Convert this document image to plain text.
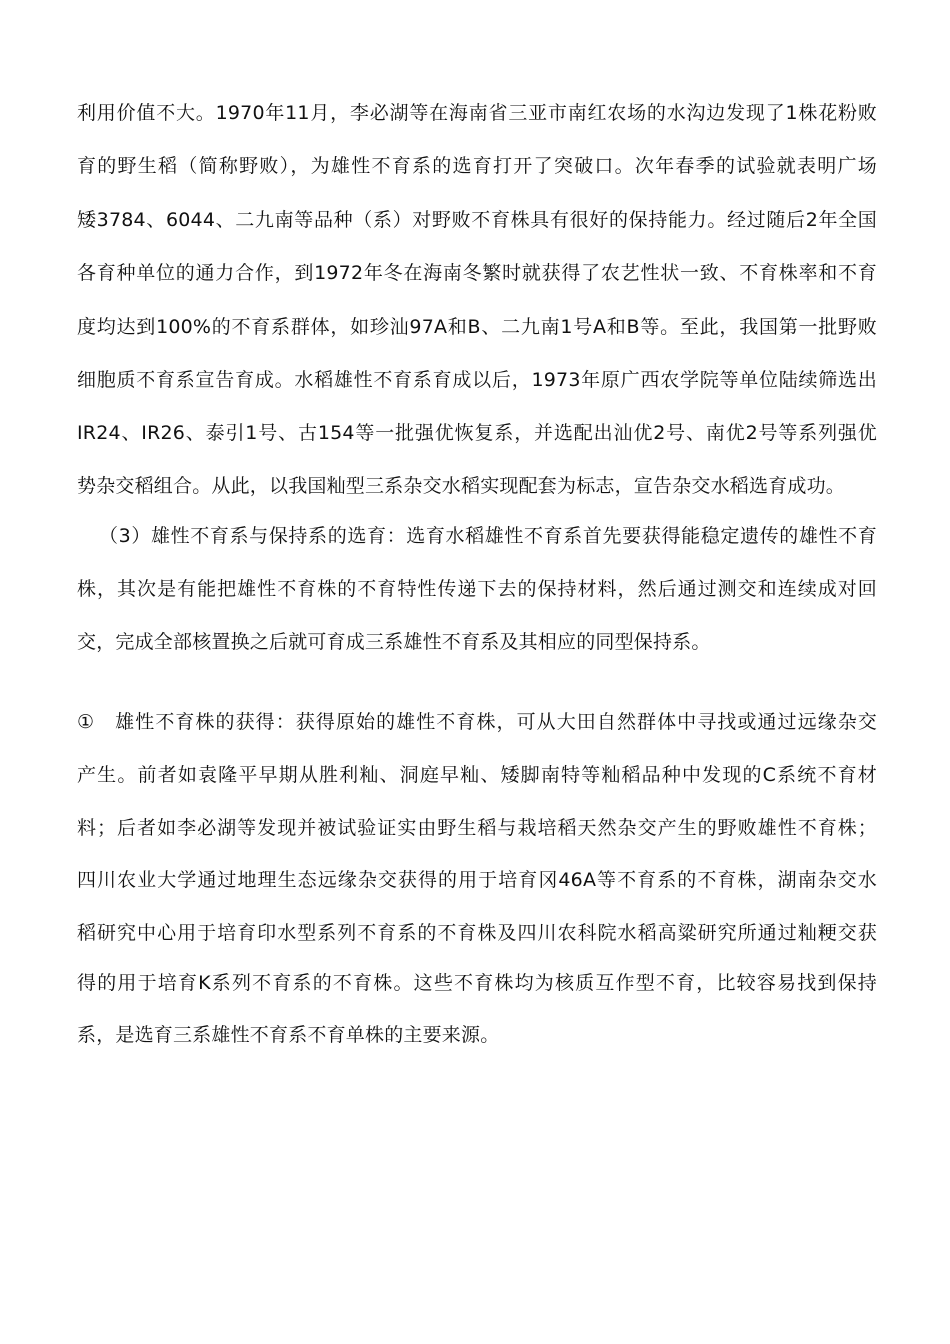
利用价值不大。1970年11月，李必湖等在海南省三亚市南红农场的水沟边发现了1株花粉败
育的野生稻（简称野败），为雄性不育系的选育打开了突破口。次年春季的试验就表明广场
矮3784、6044、二九南等品种（系）对野败不育株具有很好的保持能力。经过随后2年全国
各育种单位的通力合作，到1972年冬在海南冬繁时就获得了农艺性状一致、不育株率和不育
度均达到100%的不育系群体，如珍汕97A和B、二九南1号A和B等。至此，我国第一批野败
细胞质不育系宣告育成。水稻雄性不育系育成以后，1973年原广西农学院等单位陆续筛选出
IR24、IR26、泰引1号、古154等一批强优恢复系，并选配出汕优2号、南优2号等系列强优
势杂交稻组合。从此，以我国籼型三系杂交水稻实现配套为标志，宣告杂交水稻选育成功。
（3）雄性不育系与保持系的选育：选育水稻雄性不育系首先要获得能稳定遗传的雄性不育
株，其次是有能把雄性不育株的不育特性传递下去的保持材料，然后通过测交和连续成对回
交，完成全部核置换之后就可育成三系雄性不育系及其相应的同型保持系。
①　雄性不育株的获得：获得原始的雄性不育株，可从大田自然群体中寻找或通过远缘杂交
产生。前者如袁隆平早期从胜利籼、洞庭早籼、矮脚南特等籼稻品种中发现的C系统不育材
料；后者如李必湖等发现并被试验证实由野生稻与栽培稻天然杂交产生的野败雄性不育株；
四川农业大学通过地理生态远缘杂交获得的用于培育冈46A等不育系的不育株，湖南杂交水
稻研究中心用于培育印水型系列不育系的不育株及四川农科院水稻高粱研究所通过籼粳交获
得的用于培育K系列不育系的不育株。这些不育株均为核质互作型不育，比较容易找到保持
系，是选育三系雄性不育系不育单株的主要来源。
